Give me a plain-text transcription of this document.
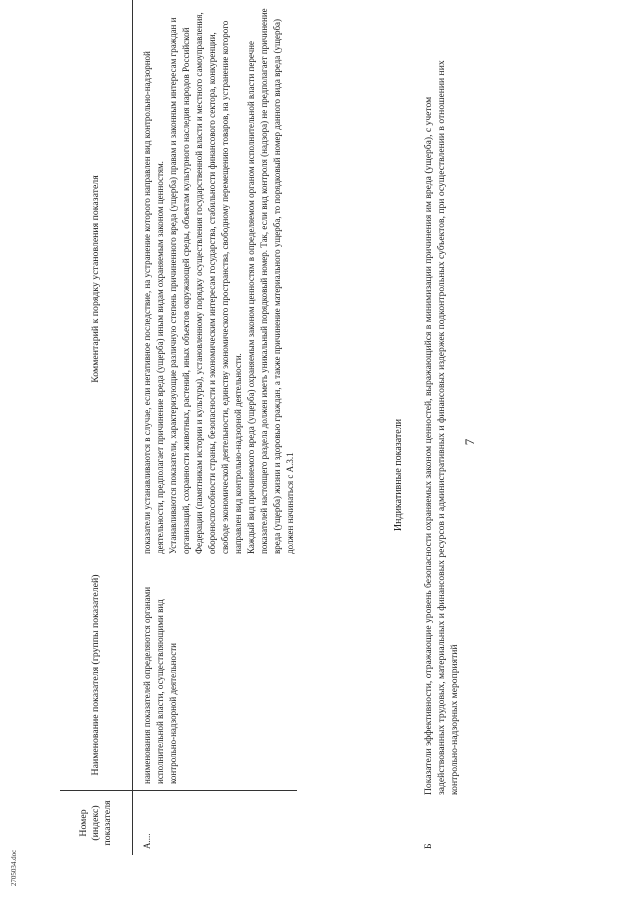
7
2705034.doc
Номер (индекс) показателя	Наименование показателя (группы показателей)	Комментарий к порядку установления показателя
А....	наименования показателей определяются органами исполнительной власти, осуществляющими вид контрольно-надзорной деятельности	показатели устанавливаются в случае, если негативное последствие, на устранение которого направлен вид контрольно-надзорной деятельности, предполагает причинение вреда (ущерба) иным видам охраняемым законом ценностям. Устанавливаются показатели, характеризующие различную степень причиненного вреда (ущерба) правам и законным интересам граждан и организаций, сохранности животных, растений, иных объектов окружающей среды, объектам культурного наследия народов Российской Федерации (памятникам истории и культуры), установленному порядку осуществления государственной власти и местного самоуправления, обороноспособности страны, безопасности и экономическим интересам государства, стабильности финансового сектора, конкуренции, свободе экономической деятельности, единству экономического пространства, свободному перемещению товаров, на устранение которого направлен вид контрольно-надзорной деятельности. Каждый вид причиняемого вреда (ущерба) охраняемым законом ценностям в определяемом органом исполнительной власти перечне показателей настоящего раздела должен иметь уникальный порядковый номер. Так, если вид контроля (надзора) не предполагает причинение вреда (ущерба) жизни и здоровью граждан, а также причинение материального ущерба, то порядковый номер данного вида вреда (ущерба) должен начинаться с А.3.1	Индикативные показатели
Б
Показатели эффективности, отражающие уровень безопасности охраняемых законом ценностей, выражающийся в минимизации причинения им вреда (ущерба), с учетом задействованных трудовых, материальных и финансовых ресурсов и административных и финансовых издержек подконтрольных субъектов, при осуществлении в отношении них контрольно-надзорных мероприятий
